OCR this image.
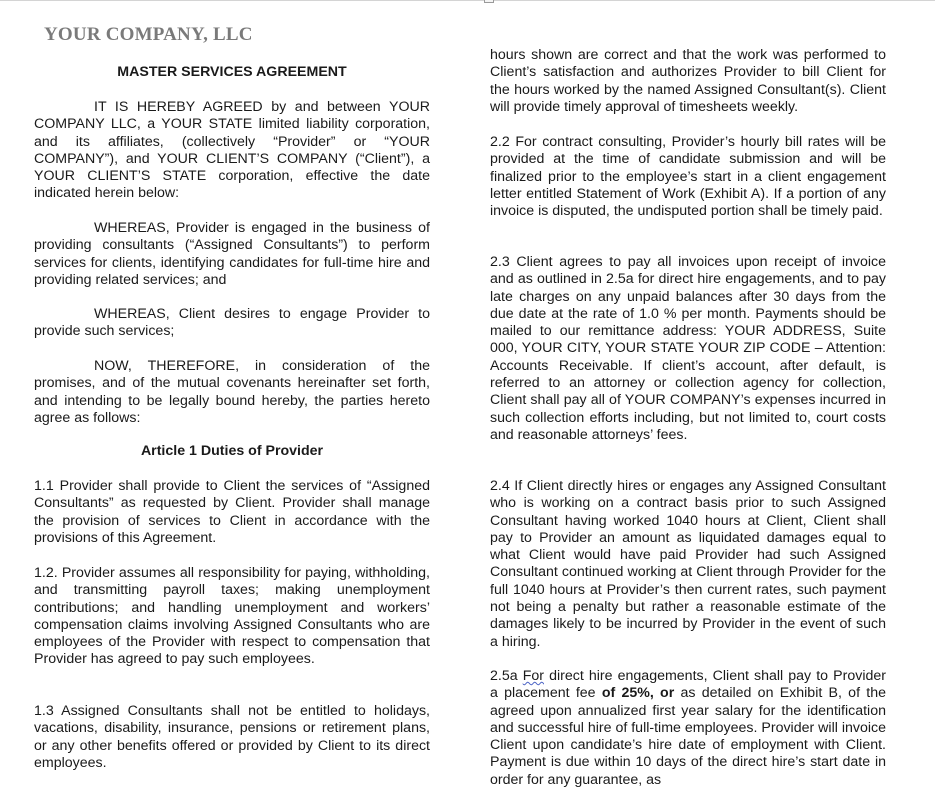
YOUR COMPANY, LLC
MASTER SERVICES AGREEMENT

IT IS HEREBY AGREED by and between YOUR COMPANY LLC, a YOUR STATE limited liability corporation, and its affiliates, (collectively “Provider” or “YOUR COMPANY”), and YOUR CLIENT’S COMPANY (“Client”), a YOUR CLIENT’S STATE corporation, effective the date indicated herein below:

WHEREAS, Provider is engaged in the business of providing consultants (“Assigned Consultants”) to perform services for clients, identifying candidates for full-time hire and providing related services; and

WHEREAS, Client desires to engage Provider to provide such services;

NOW, THEREFORE, in consideration of the promises, and of the mutual covenants hereinafter set forth, and intending to be legally bound hereby, the parties hereto agree as follows:

Article 1 Duties of Provider

1.1 Provider shall provide to Client the services of “Assigned Consultants” as requested by Client. Provider shall manage the provision of services to Client in accordance with the provisions of this Agreement.

1.2. Provider assumes all responsibility for paying, withholding, and transmitting payroll taxes; making unemployment contributions; and handling unemployment and workers’ compensation claims involving Assigned Consultants who are employees of the Provider with respect to compensation that Provider has agreed to pay such employees.

1.3 Assigned Consultants shall not be entitled to holidays, vacations, disability, insurance, pensions or retirement plans, or any other benefits offered or provided by Client to its direct employees.

hours shown are correct and that the work was performed to Client’s satisfaction and authorizes Provider to bill Client for the hours worked by the named Assigned Consultant(s). Client will provide timely approval of timesheets weekly.

2.2 For contract consulting, Provider’s hourly bill rates will be provided at the time of candidate submission and will be finalized prior to the employee’s start in a client engagement letter entitled Statement of Work (Exhibit A). If a portion of any invoice is disputed, the undisputed portion shall be timely paid.

2.3 Client agrees to pay all invoices upon receipt of invoice and as outlined in 2.5a for direct hire engagements, and to pay late charges on any unpaid balances after 30 days from the due date at the rate of 1.0 % per month. Payments should be mailed to our remittance address: YOUR ADDRESS, Suite 000, YOUR CITY, YOUR STATE YOUR ZIP CODE – Attention: Accounts Receivable. If client’s account, after default, is referred to an attorney or collection agency for collection, Client shall pay all of YOUR COMPANY’s expenses incurred in such collection efforts including, but not limited to, court costs and reasonable attorneys’ fees.

2.4 If Client directly hires or engages any Assigned Consultant who is working on a contract basis prior to such Assigned Consultant having worked 1040 hours at Client, Client shall pay to Provider an amount as liquidated damages equal to what Client would have paid Provider had such Assigned Consultant continued working at Client through Provider for the full 1040 hours at Provider’s then current rates, such payment not being a penalty but rather a reasonable estimate of the damages likely to be incurred by Provider in the event of such a hiring.

2.5a For direct hire engagements, Client shall pay to Provider a placement fee of 25%, or as detailed on Exhibit B, of the agreed upon annualized first year salary for the identification and successful hire of full-time employees. Provider will invoice Client upon candidate’s hire date of employment with Client. Payment is due within 10 days of the direct hire’s start date in order for any guarantee, as
